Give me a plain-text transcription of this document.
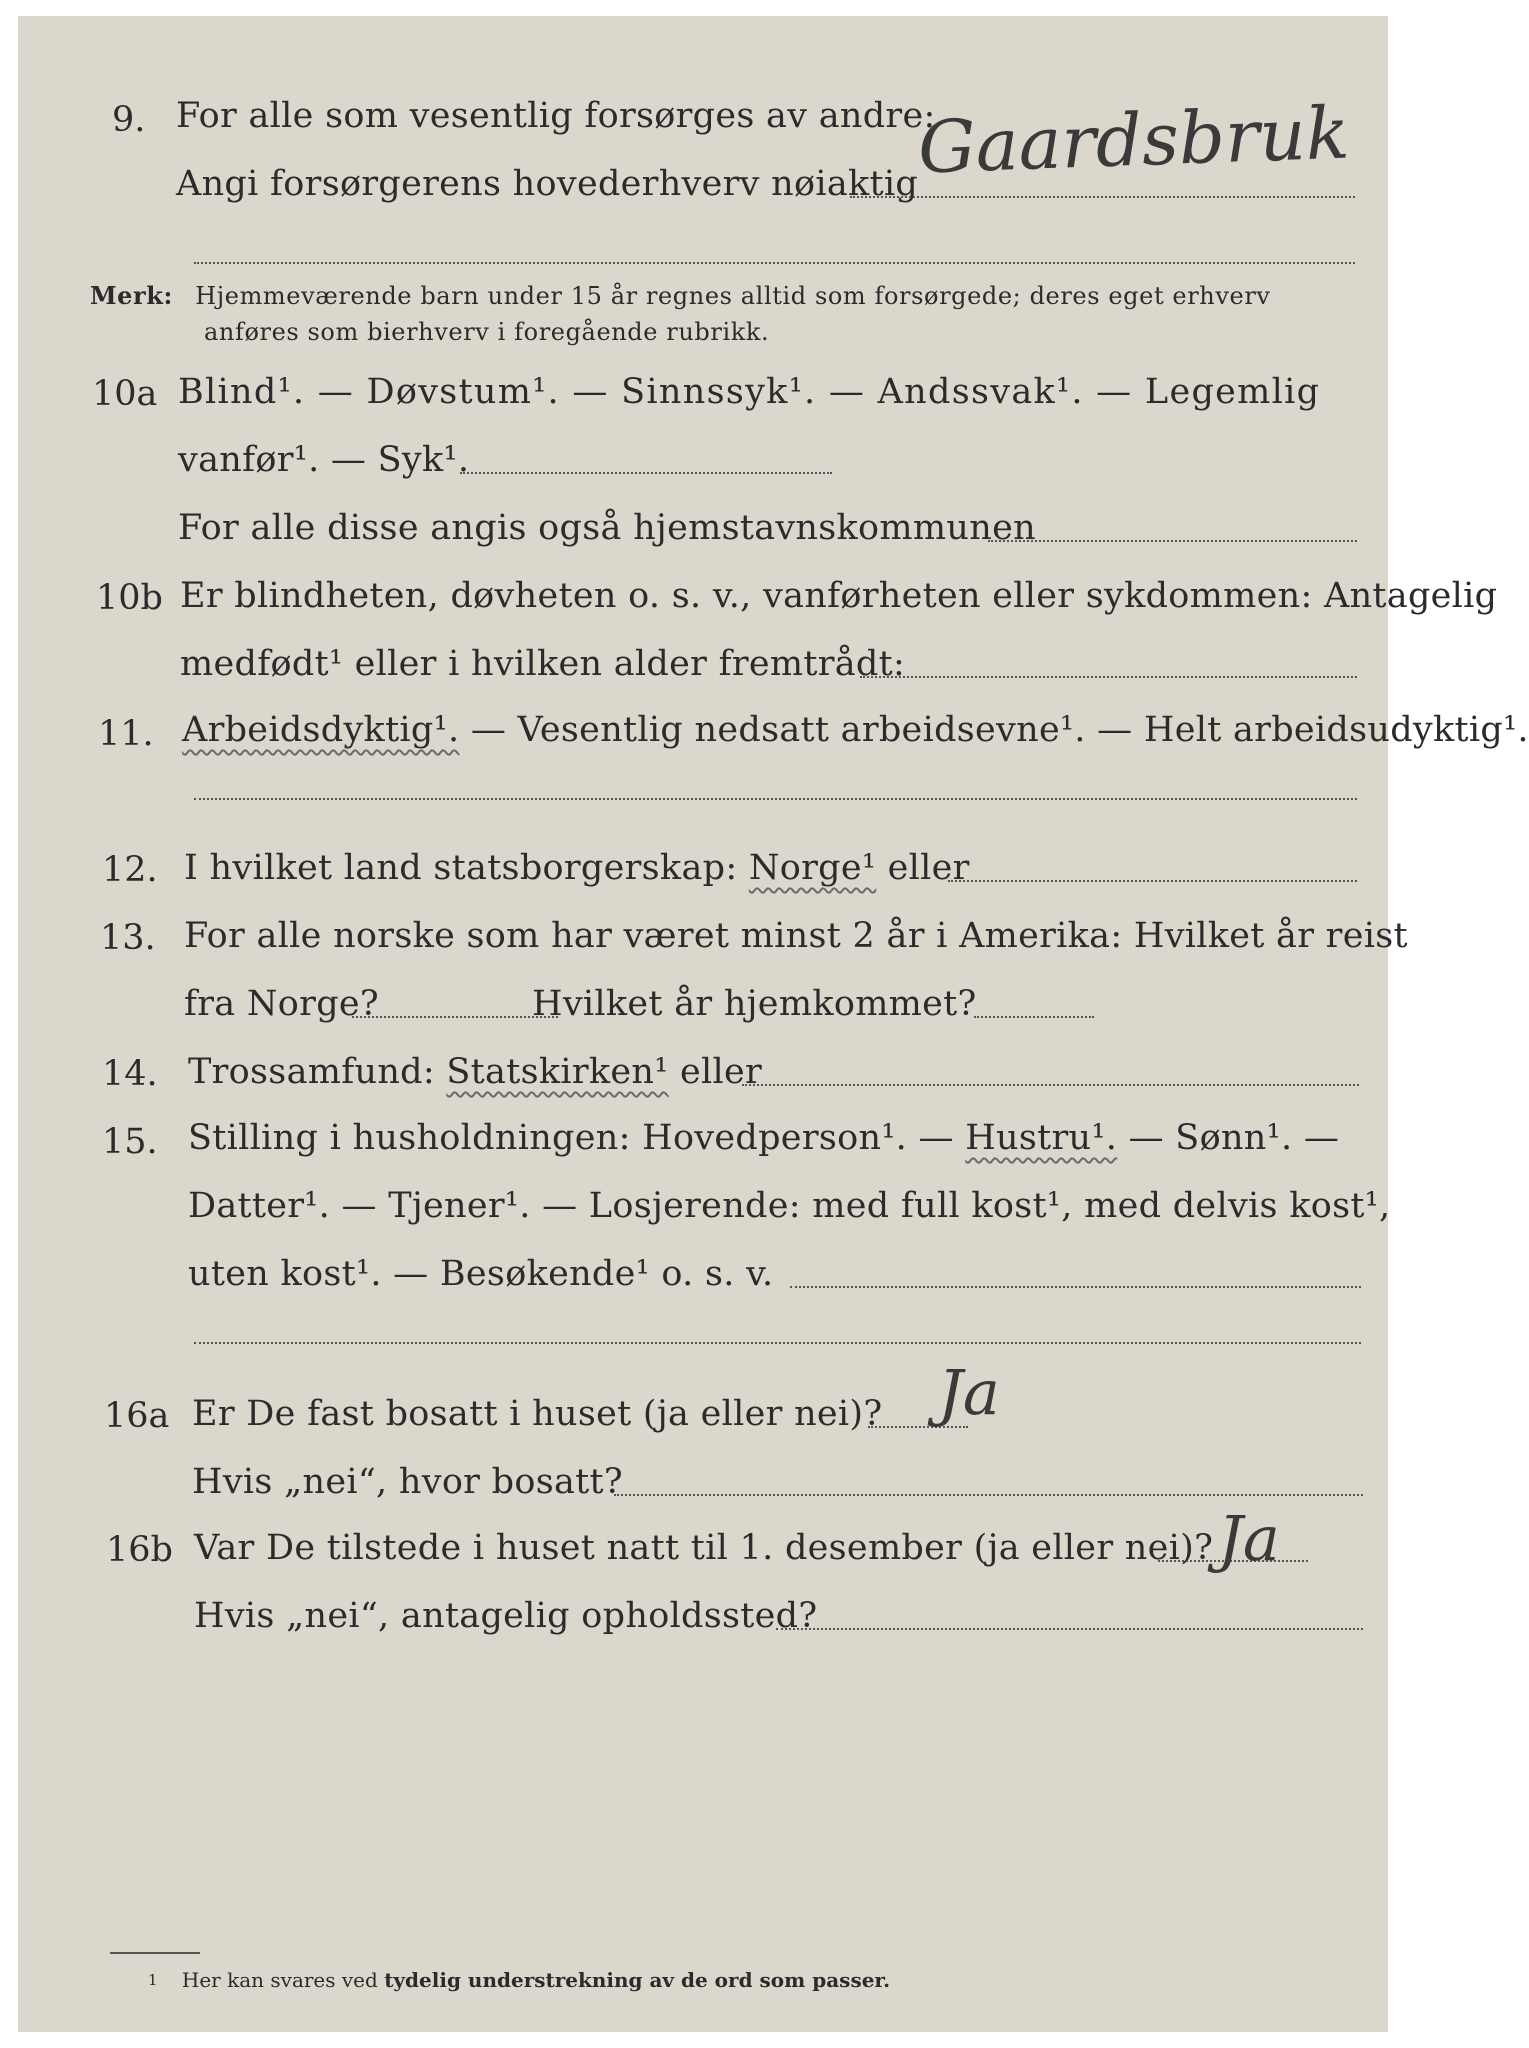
9. For alle som vesentlig forsørges av andre:
Angi forsørgerens hovederhverv nøiaktig
Gaardsbruk
Merk: Hjemmeværende barn under 15 år regnes alltid som forsørgede; deres eget erhverv
anføres som bierhverv i foregående rubrikk.
10a Blind¹. — Døvstum¹. — Sinnssyk¹. — Andssvak¹. — Legemlig
vanfør¹. — Syk¹.
For alle disse angis også hjemstavnskommunen
10b Er blindheten, døvheten o. s. v., vanførheten eller sykdommen: Antagelig
medfødt¹ eller i hvilken alder fremtrådt:
11. Arbeidsdyktig¹. — Vesentlig nedsatt arbeidsevne¹. — Helt arbeidsudyktig¹.
12. I hvilket land statsborgerskap: Norge¹ eller
13. For alle norske som har været minst 2 år i Amerika: Hvilket år reist
fra Norge?	Hvilket år hjemkommet?
14. Trossamfund: Statskirken¹ eller
15. Stilling i husholdningen: Hovedperson¹. — Hustru¹. — Sønn¹. —
Datter¹. — Tjener¹. — Losjerende: med full kost¹, med delvis kost¹,
uten kost¹. — Besøkende¹ o. s. v.
16a Er De fast bosatt i huset (ja eller nei)? Ja
Hvis „nei“, hvor bosatt?
16b Var De tilstede i huset natt til 1. desember (ja eller nei)? Ja
Hvis „nei“, antagelig opholdssted?
$^1$ Her kan svares ved tydelig understrekning av de ord som passer.
